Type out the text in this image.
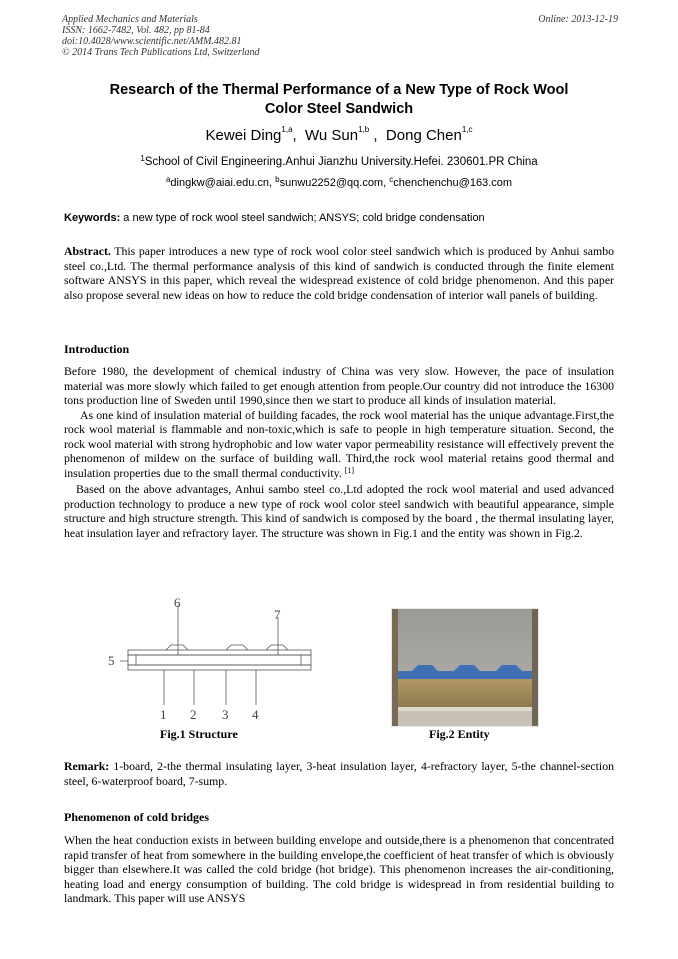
Applied Mechanics and Materials
ISSN: 1662-7482, Vol. 482, pp 81-84
doi:10.4028/www.scientific.net/AMM.482.81
© 2014 Trans Tech Publications Ltd, Switzerland
Online: 2013-12-19
Research of the Thermal Performance of a New Type of Rock Wool
Color Steel Sandwich
Kewei Ding$^{1,a}$,  Wu Sun$^{1,b}$ ,  Dong Chen$^{1,c}$
$^1$School of Civil Engineering.Anhui Jianzhu University.Hefei. 230601.PR China
$^a$dingkw@aiai.edu.cn, $^b$sunwu2252@qq.com, $^c$chenchenchu@163.com
Keywords: a new type of rock wool steel sandwich; ANSYS; cold bridge condensation
Abstract. This paper introduces a new type of rock wool color steel sandwich which is produced by Anhui sambo steel co.,Ltd. The thermal performance analysis of this kind of sandwich is conducted through the finite element software ANSYS in this paper, which reveal the widespread existence of cold bridge phenomenon. And this paper also propose several new ideas on how to reduce the cold bridge condensation of interior wall panels of building.
Introduction

Before 1980, the development of chemical industry of China was very slow. However, the pace of insulation material was more slowly which failed to get enough attention from people.Our country did not introduce the 16300 tons production line of Sweden until 1990,since then we start to produce all kinds of insulation material.

As one kind of insulation material of building facades, the rock wool material has the unique advantage.First,the rock wool material is flammable and non-toxic,which is safe to people in high temperature situation. Second, the rock wool material with strong hydrophobic and low water vapor permeability resistance will effectively prevent the phenomenon of mildew on the surface of building wall. Third,the rock wool material retains good thermal and insulation properties due to the small thermal conductivity. [1]

Based on the above advantages, Anhui sambo steel co.,Ltd adopted the rock wool material and used advanced production technology to produce a new type of rock wool color steel sandwich with beautiful appearance, simple structure and high structure strength. This kind of sandwich is composed by the board , the thermal insulating layer, heat insulation layer and refractory layer. The structure was shown in Fig.1 and the entity was shown in Fig.2.

6
7
5
1 2 3 4
Fig.1 Structure	Fig.2 Entity
Remark: 1-board, 2-the thermal insulating layer, 3-heat insulation layer, 4-refractory layer, 5-the channel-section steel, 6-waterproof board, 7-sump.
Phenomenon of cold bridges

When the heat conduction exists in between building envelope and outside,there is a phenomenon that concentrated rapid transfer of heat from somewhere in the building envelope,the coefficient of heat transfer of which is obviously bigger than elsewhere.It was called the cold bridge (hot bridge). This phenomenon increases the air-conditioning, heating load and energy consumption of building. The cold bridge is widespread in from residential building to landmark. This paper will use ANSYS
